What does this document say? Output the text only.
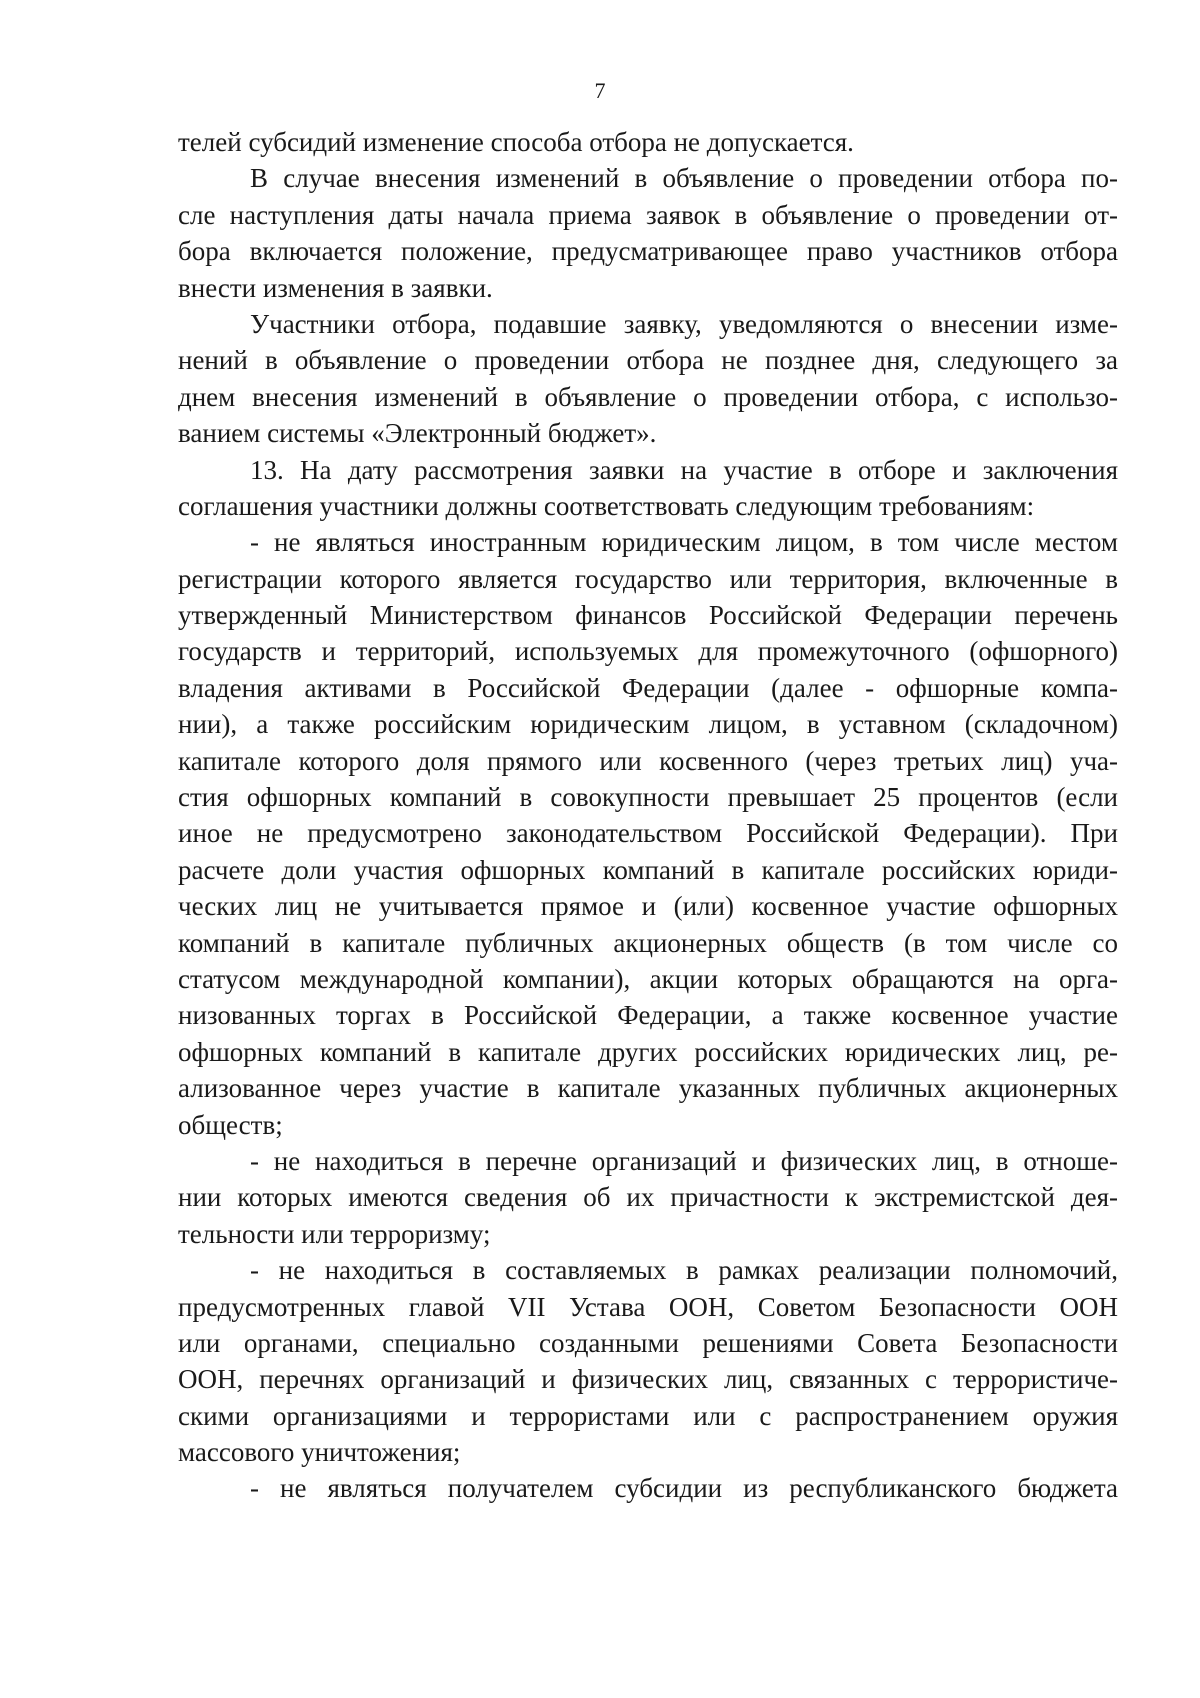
7

телей субсидий изменение способа отбора не допускается.

В случае внесения изменений в объявление о проведении отбора по-
сле наступления даты начала приема заявок в объявление о проведении от-
бора включается положение, предусматривающее право участников отбора
внести изменения в заявки.

Участники отбора, подавшие заявку, уведомляются о внесении изме-
нений в объявление о проведении отбора не позднее дня, следующего за
днем внесения изменений в объявление о проведении отбора, с использо-
ванием системы «Электронный бюджет».

13. На дату рассмотрения заявки на участие в отборе и заключения
соглашения участники должны соответствовать следующим требованиям:

- не являться иностранным юридическим лицом, в том числе местом
регистрации которого является государство или территория, включенные в
утвержденный Министерством финансов Российской Федерации перечень
государств и территорий, используемых для промежуточного (офшорного)
владения активами в Российской Федерации (далее - офшорные компа-
нии), а также российским юридическим лицом, в уставном (складочном)
капитале которого доля прямого или косвенного (через третьих лиц) уча-
стия офшорных компаний в совокупности превышает 25 процентов (если
иное не предусмотрено законодательством Российской Федерации). При
расчете доли участия офшорных компаний в капитале российских юриди-
ческих лиц не учитывается прямое и (или) косвенное участие офшорных
компаний в капитале публичных акционерных обществ (в том числе со
статусом международной компании), акции которых обращаются на орга-
низованных торгах в Российской Федерации, а также косвенное участие
офшорных компаний в капитале других российских юридических лиц, ре-
ализованное через участие в капитале указанных публичных акционерных
обществ;

- не находиться в перечне организаций и физических лиц, в отноше-
нии которых имеются сведения об их причастности к экстремистской дея-
тельности или терроризму;

- не находиться в составляемых в рамках реализации полномочий,
предусмотренных главой VII Устава ООН, Советом Безопасности ООН
или органами, специально созданными решениями Совета Безопасности
ООН, перечнях организаций и физических лиц, связанных с террористиче-
скими организациями и террористами или с распространением оружия
массового уничтожения;

- не являться получателем субсидии из республиканского бюджета
